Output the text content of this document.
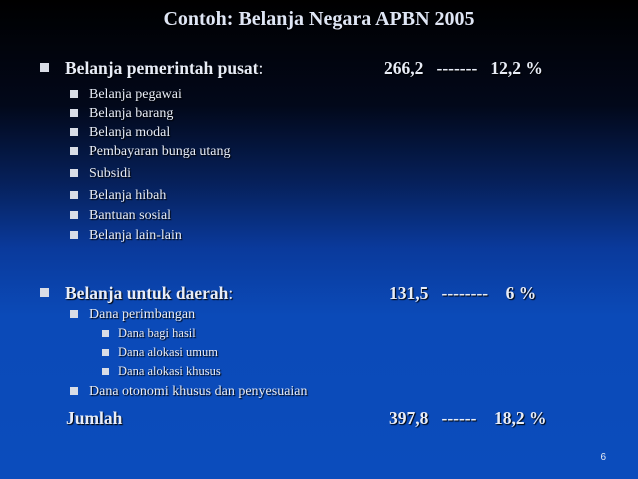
Contoh: Belanja Negara APBN 2005
Belanja pemerintah pusat:	266,2 ------- 12,2 %
Belanja pegawai
Belanja barang
Belanja modal
Pembayaran bunga utang
Subsidi
Belanja hibah
Bantuan sosial
Belanja lain-lain
Belanja untuk daerah:	131,5 -------- 6 %
Dana perimbangan
Dana bagi hasil
Dana alokasi umum
Dana alokasi khusus
Dana otonomi khusus dan penyesuaian
Jumlah	397,8 ------ 18,2 %
6
